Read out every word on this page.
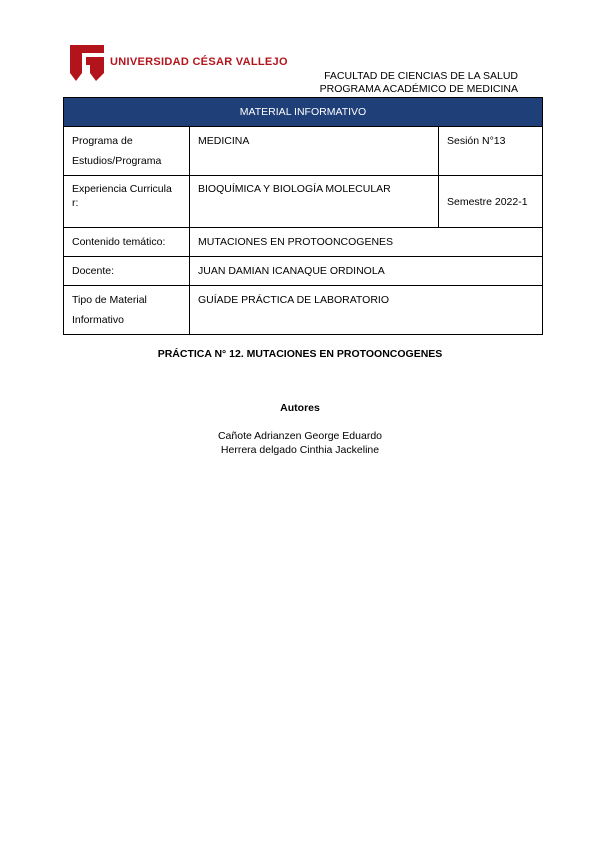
UNIVERSIDAD CÉSAR VALLEJO
FACULTAD DE CIENCIAS DE LA SALUD
PROGRAMA ACADÉMICO DE MEDICINA
MATERIAL INFORMATIVO		
Programa de Estudios/Programa	MEDICINA	Sesión N°13
Experiencia Curricula r:	BIOQUÍMICA Y BIOLOGÍA MOLECULAR	Semestre 2022-1
Contenido temático:	MUTACIONES EN PROTOONCOGENES	
Docente:	JUAN DAMIAN ICANAQUE ORDINOLA	
Tipo de Material Informativo	GUÍADE PRÁCTICA DE LABORATORIO	
PRÁCTICA N° 12. MUTACIONES EN PROTOONCOGENES
Autores
Cañote Adrianzen George Eduardo
Herrera delgado Cinthia Jackeline
